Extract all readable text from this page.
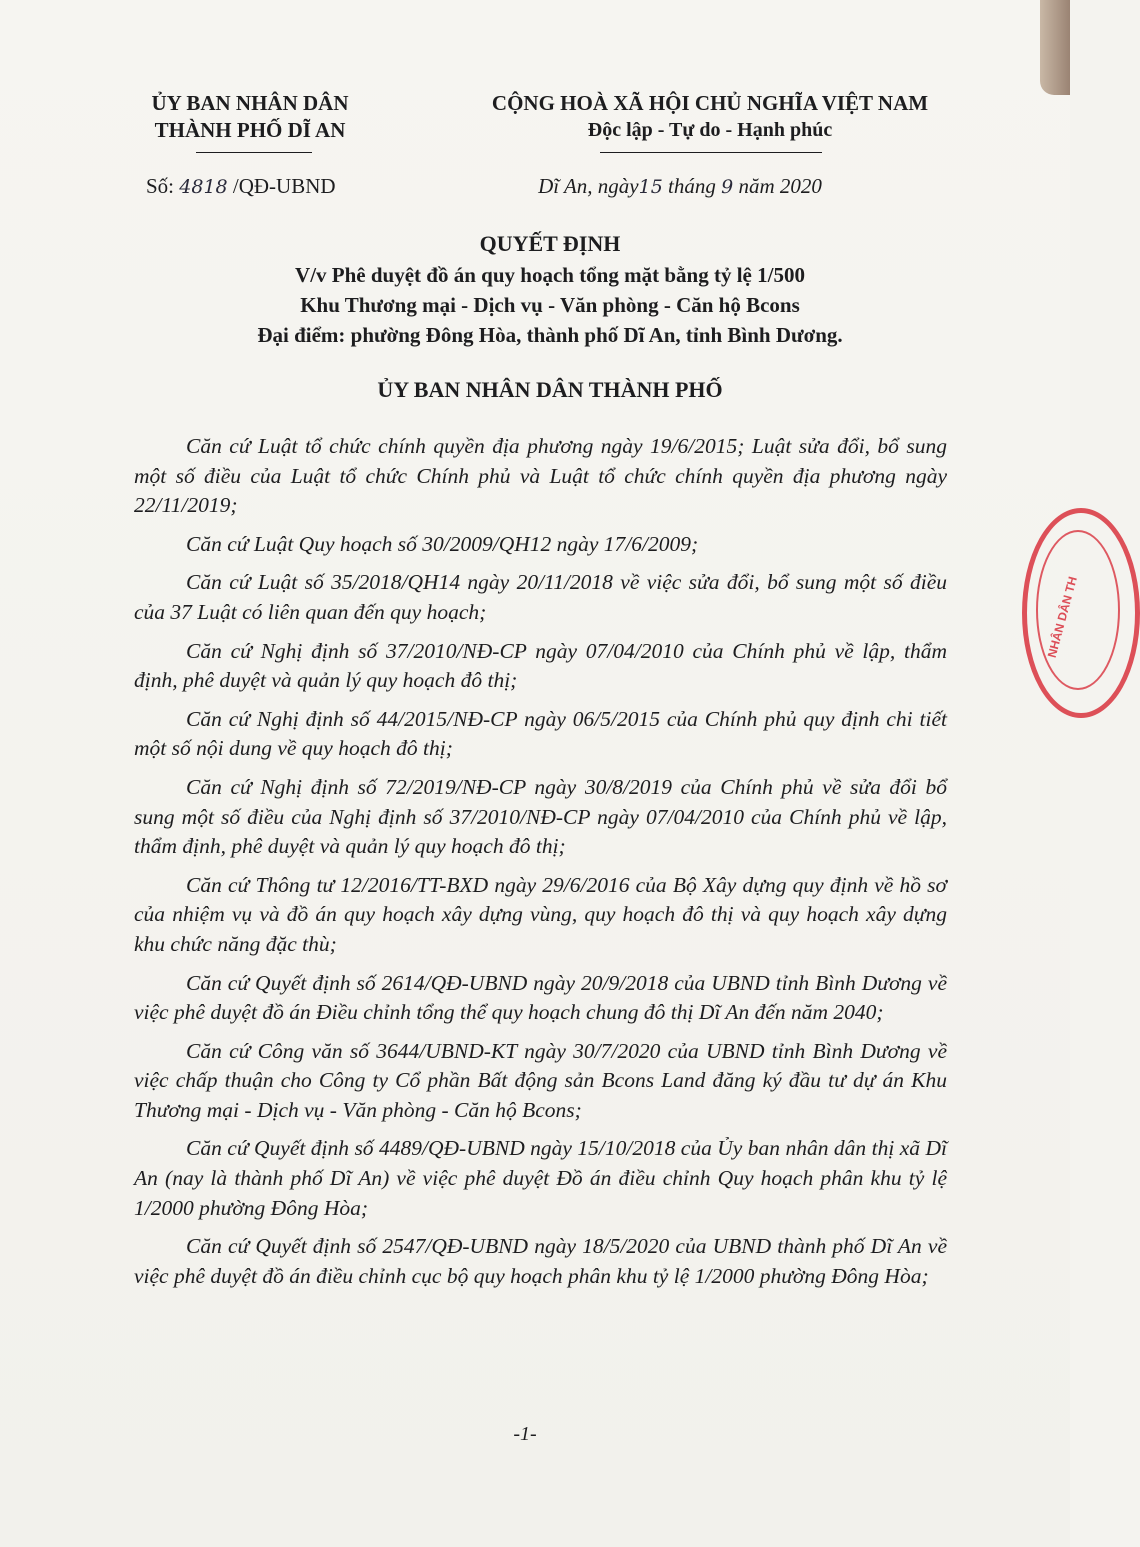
NHÂN DÂN TH
ỦY BAN NHÂN DÂN
THÀNH PHỐ DĨ AN
CỘNG HOÀ XÃ HỘI CHỦ NGHĨA VIỆT NAM
Độc lập - Tự do - Hạnh phúc
Số: 4818 /QĐ-UBND	Dĩ An, ngày15 tháng 9 năm 2020
QUYẾT ĐỊNH
V/v Phê duyệt đồ án quy hoạch tổng mặt bằng tỷ lệ 1/500
Khu Thương mại - Dịch vụ - Văn phòng - Căn hộ Bcons
Đại điểm: phường Đông Hòa, thành phố Dĩ An, tỉnh Bình Dương.
ỦY BAN NHÂN DÂN THÀNH PHỐ

Căn cứ Luật tổ chức chính quyền địa phương ngày 19/6/2015; Luật sửa đổi, bổ sung một số điều của Luật tổ chức Chính phủ và Luật tổ chức chính quyền địa phương ngày 22/11/2019;

Căn cứ Luật Quy hoạch số 30/2009/QH12 ngày 17/6/2009;

Căn cứ Luật số 35/2018/QH14 ngày 20/11/2018 về việc sửa đổi, bổ sung một số điều của 37 Luật có liên quan đến quy hoạch;

Căn cứ Nghị định số 37/2010/NĐ-CP ngày 07/04/2010 của Chính phủ về lập, thẩm định, phê duyệt và quản lý quy hoạch đô thị;

Căn cứ Nghị định số 44/2015/NĐ-CP ngày 06/5/2015 của Chính phủ quy định chi tiết một số nội dung về quy hoạch đô thị;

Căn cứ Nghị định số 72/2019/NĐ-CP ngày 30/8/2019 của Chính phủ về sửa đổi bổ sung một số điều của Nghị định số 37/2010/NĐ-CP ngày 07/04/2010 của Chính phủ về lập, thẩm định, phê duyệt và quản lý quy hoạch đô thị;

Căn cứ Thông tư 12/2016/TT-BXD ngày 29/6/2016 của Bộ Xây dựng quy định về hồ sơ của nhiệm vụ và đồ án quy hoạch xây dựng vùng, quy hoạch đô thị và quy hoạch xây dựng khu chức năng đặc thù;

Căn cứ Quyết định số 2614/QĐ-UBND ngày 20/9/2018 của UBND tỉnh Bình Dương về việc phê duyệt đồ án Điều chỉnh tổng thể quy hoạch chung đô thị Dĩ An đến năm 2040;

Căn cứ Công văn số 3644/UBND-KT ngày 30/7/2020 của UBND tỉnh Bình Dương về việc chấp thuận cho Công ty Cổ phần Bất động sản Bcons Land đăng ký đầu tư dự án Khu Thương mại - Dịch vụ - Văn phòng - Căn hộ Bcons;

Căn cứ Quyết định số 4489/QĐ-UBND ngày 15/10/2018 của Ủy ban nhân dân thị xã Dĩ An (nay là thành phố Dĩ An) về việc phê duyệt Đồ án điều chỉnh Quy hoạch phân khu tỷ lệ 1/2000 phường Đông Hòa;

Căn cứ Quyết định số 2547/QĐ-UBND ngày 18/5/2020 của UBND thành phố Dĩ An về việc phê duyệt đồ án điều chỉnh cục bộ quy hoạch phân khu tỷ lệ 1/2000 phường Đông Hòa;

-1-
